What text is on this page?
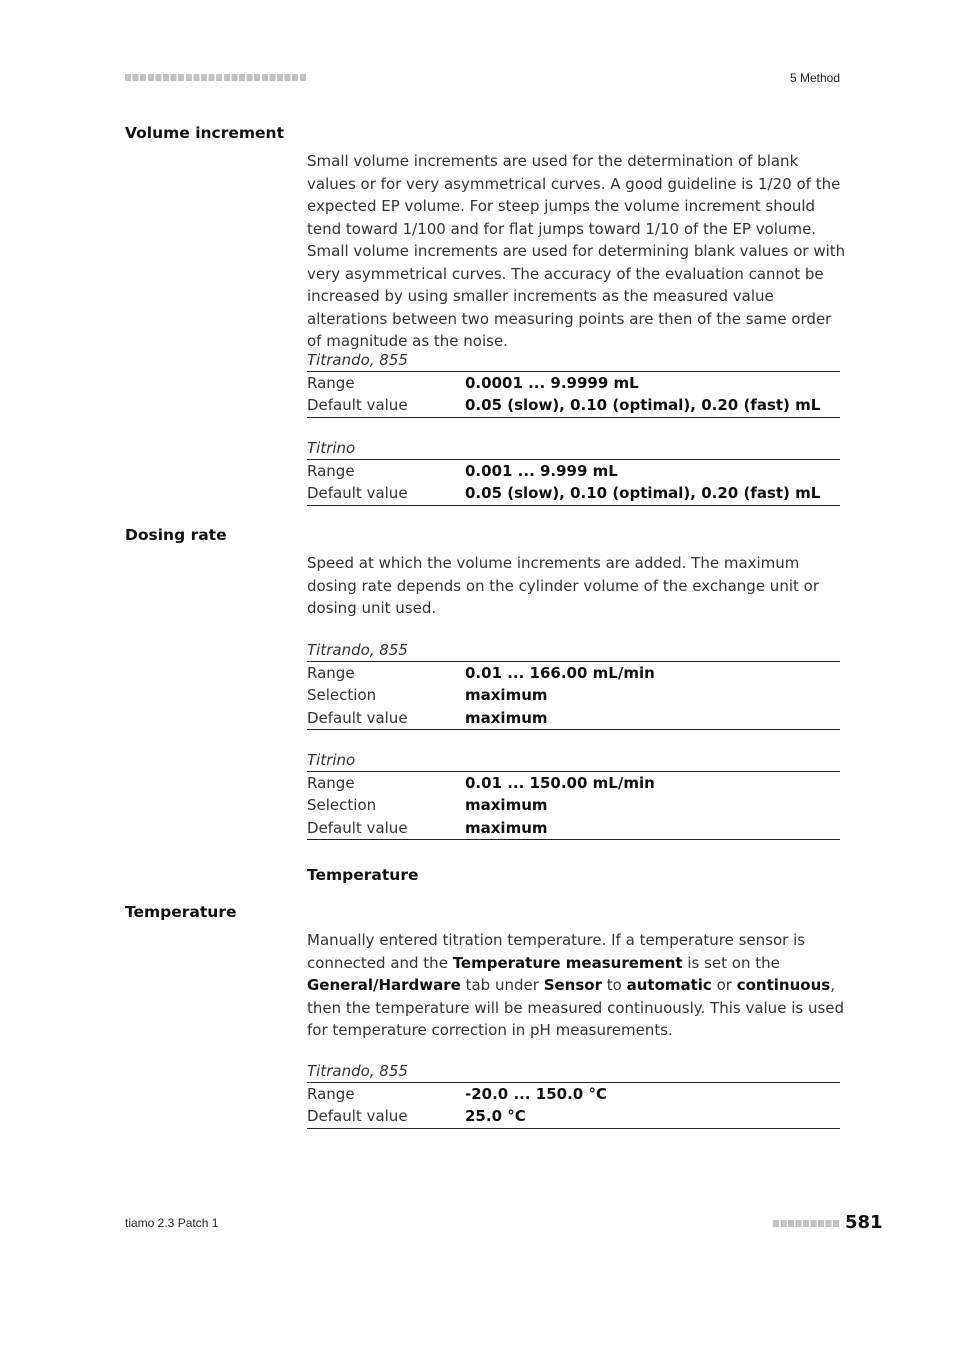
5 Method
Volume increment
Small volume increments are used for the determination of blank values or for very asymmetrical curves. A good guideline is 1/20 of the expected EP volume. For steep jumps the volume increment should tend toward 1/100 and for flat jumps toward 1/10 of the EP volume. Small volume increments are used for determining blank values or with very asymmetrical curves. The accuracy of the evaluation cannot be increased by using smaller increments as the measured value alterations between two measuring points are then of the same order of magnitude as the noise.
Titrando, 855
Range	0.0001 ... 9.9999 mL
Default value	0.05 (slow), 0.10 (optimal), 0.20 (fast) mL
Titrino
Range	0.001 ... 9.999 mL
Default value	0.05 (slow), 0.10 (optimal), 0.20 (fast) mL
Dosing rate
Speed at which the volume increments are added. The maximum dosing rate depends on the cylinder volume of the exchange unit or dosing unit used.
Titrando, 855
Range	0.01 ... 166.00 mL/min
Selection	maximum
Default value	maximum
Titrino
Range	0.01 ... 150.00 mL/min
Selection	maximum
Default value	maximum
Temperature
Temperature
Manually entered titration temperature. If a temperature sensor is connected and the Temperature measurement is set on the General/Hardware tab under Sensor to automatic or continuous, then the temperature will be measured continuously. This value is used for temperature correction in pH measurements.
Titrando, 855
Range	-20.0 ... 150.0 °C
Default value	25.0 °C
tiamo 2.3 Patch 1	581
